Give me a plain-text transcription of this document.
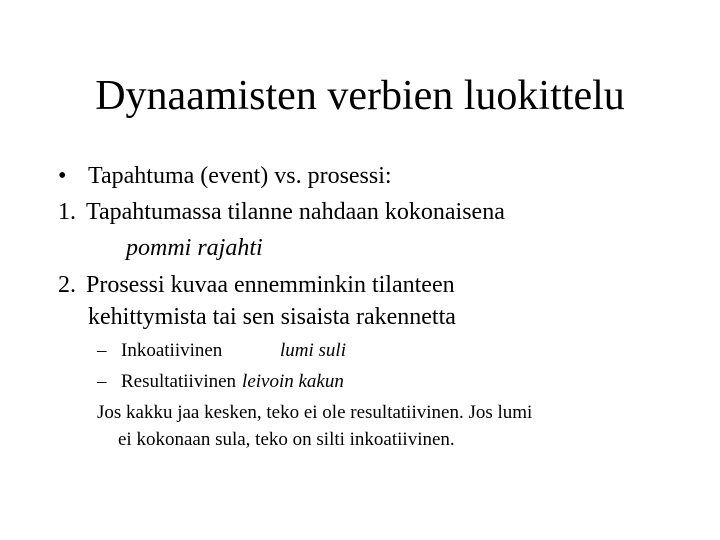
Dynaamisten verbien luokittelu
• Tapahtuma (event) vs. prosessi:
1. Tapahtumassa tilanne nahdaan kokonaisena
pommi rajahti
2. Prosessi kuvaa ennemminkin tilanteen
kehittymista tai sen sisaista rakennetta
– Inkoatiivinen	lumi suli
– Resultatiivinen leivoin kakun
Jos kakku jaa kesken, teko ei ole resultatiivinen. Jos lumi
ei kokonaan sula, teko on silti inkoatiivinen.
